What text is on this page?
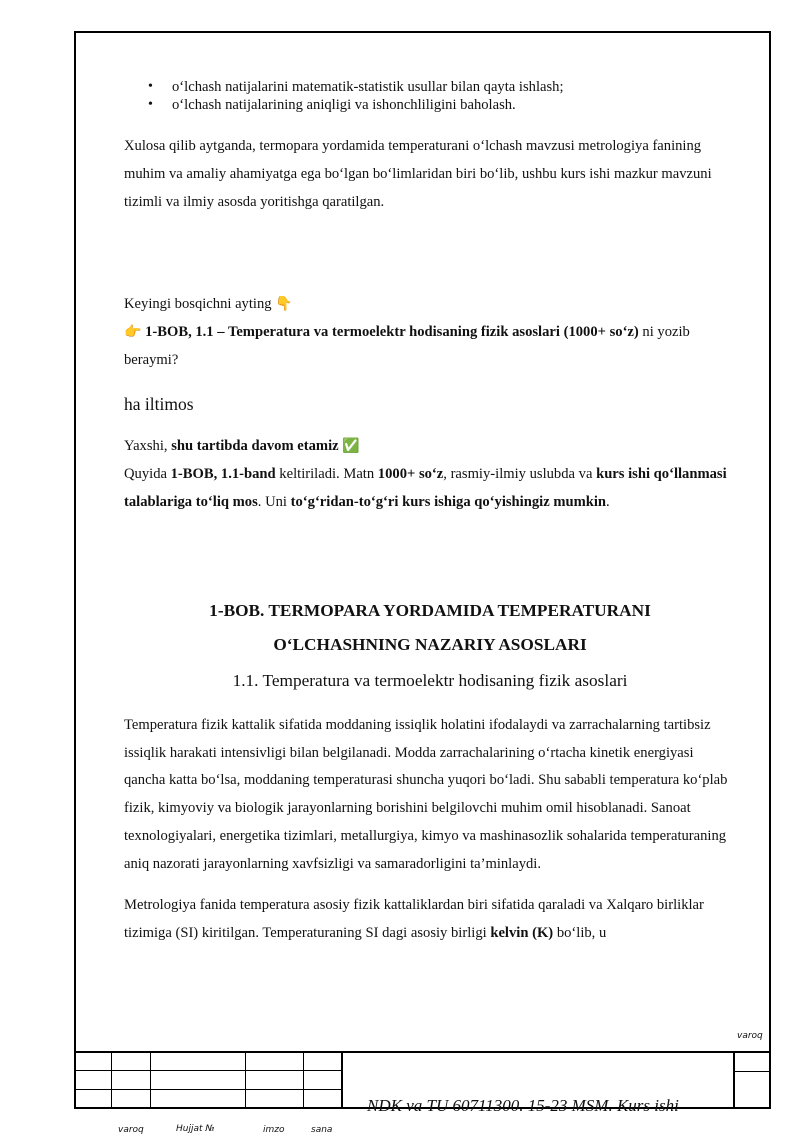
• o‘lchash natijalarini matematik-statistik usullar bilan qayta ishlash;
• o‘lchash natijalarining aniqligi va ishonchliligini baholash.

Xulosa qilib aytganda, termopara yordamida temperaturani o‘lchash mavzusi metrologiya fanining muhim va amaliy ahamiyatga ega bo‘lgan bo‘limlaridan biri bo‘lib, ushbu kurs ishi mazkur mavzuni tizimli va ilmiy asosda yoritishga qaratilgan.

Keyingi bosqichni ayting 👇

👉 1-BOB, 1.1 – Temperatura va termoelektr hodisaning fizik asoslari (1000+ so‘z) ni yozib beraymi?

ha iltimos

Yaxshi, shu tartibda davom etamiz ✅

Quyida 1-BOB, 1.1-band keltiriladi. Matn 1000+ so‘z, rasmiy-ilmiy uslubda va kurs ishi qo‘llanmasi talablariga to‘liq mos. Uni to‘g‘ridan-to‘g‘ri kurs ishiga qo‘yishingiz mumkin.

1-BOB. TERMOPARA YORDAMIDA TEMPERATURANI
O‘LCHASHNING NAZARIY ASOSLARI
1.1. Temperatura va termoelektr hodisaning fizik asoslari

Temperatura fizik kattalik sifatida moddaning issiqlik holatini ifodalaydi va zarrachalarning tartibsiz issiqlik harakati intensivligi bilan belgilanadi. Modda zarrachalarining o‘rtacha kinetik energiyasi qancha katta bo‘lsa, moddaning temperaturasi shuncha yuqori bo‘ladi. Shu sababli temperatura ko‘plab fizik, kimyoviy va biologik jarayonlarning borishini belgilovchi muhim omil hisoblanadi. Sanoat texnologiyalari, energetika tizimlari, metallurgiya, kimyo va mashinasozlik sohalarida temperaturaning aniq nazorati jarayonlarning xavfsizligi va samaradorligini ta’minlaydi.

Metrologiya fanida temperatura asosiy fizik kattaliklardan biri sifatida qaraladi va Xalqaro birliklar tizimiga (SI) kiritilgan. Temperaturaning SI dagi asosiy birligi kelvin (K) bo‘lib, u

varoq
NDK va TU 60711300. 15-23 MSM. Kurs ishi
varoq	Hujjat №	imzo	sana
